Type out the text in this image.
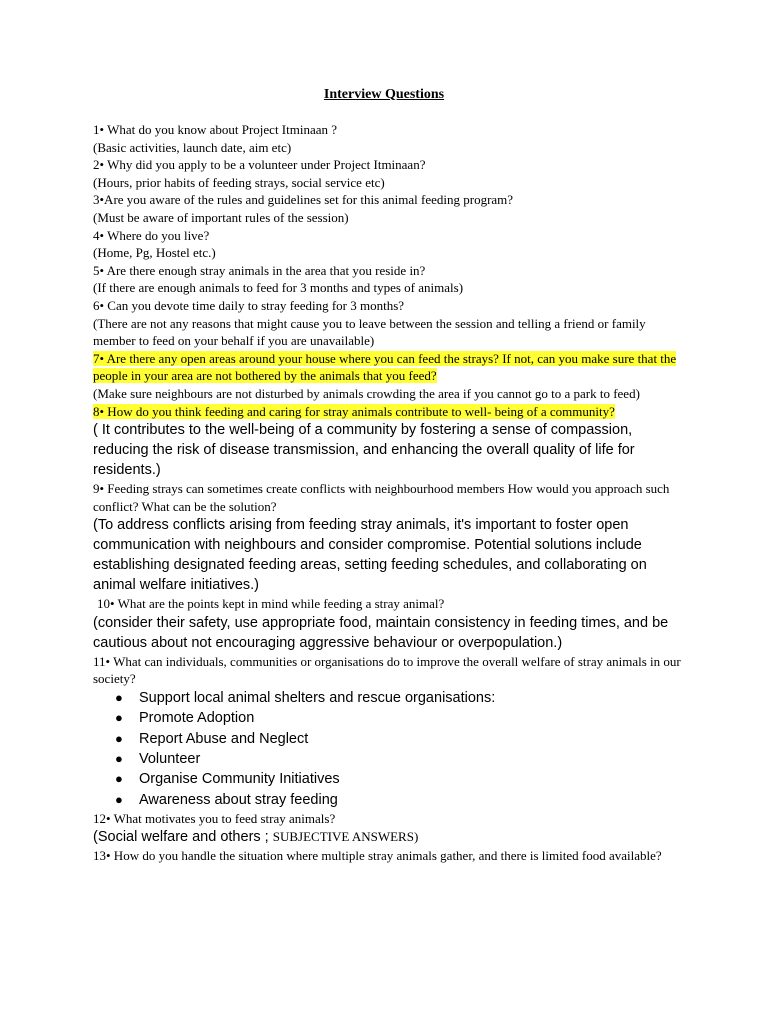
Interview Questions

1• What do you know about Project Itminaan ?

(Basic activities, launch date, aim etc)

2• Why did you apply to be a volunteer under Project Itminaan?

(Hours, prior habits of feeding strays, social service etc)

3•Are you aware of the rules and guidelines set for this animal feeding program?

(Must be aware of important rules of the session)

4• Where do you live?

(Home, Pg, Hostel etc.)

5• Are there enough stray animals in the area that you reside in?

(If there are enough animals to feed for 3 months and types of animals)

6• Can you devote time daily to stray feeding for 3 months?

(There are not any reasons that might cause you to leave between the session and telling a friend or family member to feed on your behalf if you are unavailable)

7• Are there any open areas around your house where you can feed the strays? If not, can you make sure that the people in your area are not bothered by the animals that you feed?

(Make sure neighbours are not disturbed by animals crowding the area if you cannot go to a park to feed)

8• How do you think feeding and caring for stray animals contribute to well- being of a community?

( It contributes to the well-being of a community by fostering a sense of compassion, reducing the risk of disease transmission, and enhancing the overall quality of life for residents.)

9• Feeding strays can sometimes create conflicts with neighbourhood members How would you approach such conflict? What can be the solution?

(To address conflicts arising from feeding stray animals, it's important to foster open communication with neighbours and consider compromise. Potential solutions include establishing designated feeding areas, setting feeding schedules, and collaborating on animal welfare initiatives.)

10• What are the points kept in mind while feeding a stray animal?

(consider their safety, use appropriate food, maintain consistency in feeding times, and be cautious about not encouraging aggressive behaviour or overpopulation.)

11• What can individuals, communities or organisations do to improve the overall welfare of stray animals in our society?

● Support local animal shelters and rescue organisations:
● Promote Adoption
● Report Abuse and Neglect
● Volunteer
● Organise Community Initiatives
● Awareness about stray feeding

12• What motivates you to feed stray animals?

(Social welfare and others ; SUBJECTIVE ANSWERS)

13• How do you handle the situation where multiple stray animals gather, and there is limited food available?
